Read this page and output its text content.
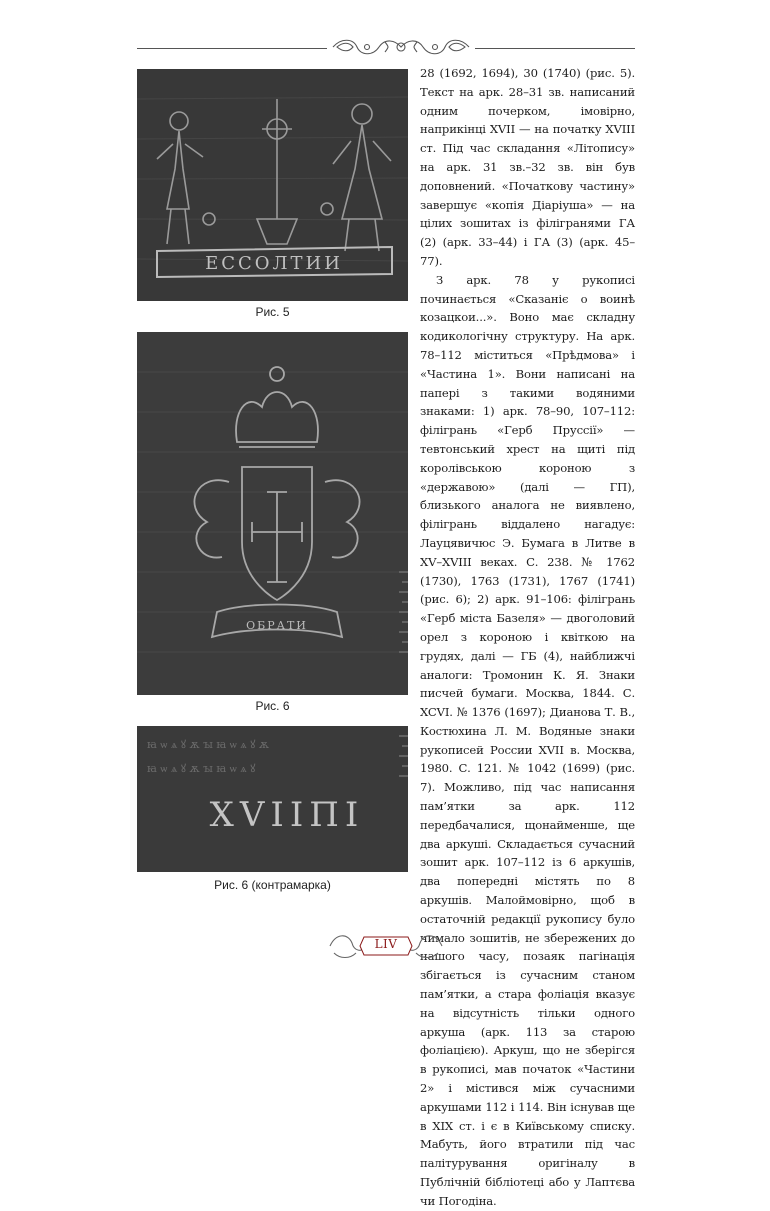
ЕССОЛТИИ
Рис. 5
ОБРАТИ
Рис. 6
ꙗ ѡ ѧ ꙋ ѫ ꙑ ꙗ ѡ ѧ ꙋ ѫ
ꙗ ѡ ѧ ꙋ ѫ ꙑ ꙗ ѡ ѧ ꙋ
XVIIПІ
Рис. 6 (контрамарка)

28 (1692, 1694), 30 (1740) (рис. 5). Текст на арк. 28–31 зв. написаний одним почерком, імовірно, наприкінці XVII — на початку XVIII ст. Під час складання «Літопису» на арк. 31 зв.–32 зв. він був доповнений. «Початкову частину» завершує «копія Діаріуша» — на цілих зошитах із філігранями ГА (2) (арк. 33–44) і ГА (3) (арк. 45–77).

З арк. 78 у рукописі починається «Сказаніє о воинѣ козацкои...». Воно має складну кодикологічну структуру. На арк. 78–112 міститься «Прѣдмова» і «Частина 1». Вони написані на папері з такими водяними знаками: 1) арк. 78–90, 107–112: філігрань «Герб Пруссії» — тевтонський хрест на щиті під королівською короною з «державою» (далі — ГП), близького аналога не виявлено, філігрань віддалено нагадує: Лауцявичюс Э. Бумага в Литве в XV–XVIII веках. С. 238. № 1762 (1730), 1763 (1731), 1767 (1741) (рис. 6); 2) арк. 91–106: філігрань «Герб міста Базеля» — двоголовий орел з короною і квіткою на грудях, далі — ГБ (4), найближчі аналоги: Тромонин К. Я. Знаки писчей бумаги. Москва, 1844. С. XCVI. № 1376 (1697); Дианова Т. В., Костюхина Л. М. Водяные знаки рукописей России XVII в. Москва, 1980. С. 121. № 1042 (1699) (рис. 7). Можливо, під час написання пам’ятки за арк. 112 передбачалися, щонайменше, ще два аркуші. Складається сучасний зошит арк. 107–112 із 6 аркушів, два попередні містять по 8 аркушів. Малоймовірно, щоб в остаточній редакції рукопису було чимало зошитів, не збережених до нашого часу, позаяк пагінація збігається із сучасним станом пам’ятки, а стара фоліація вказує на відсутність тільки одного аркуша (арк. 113 за старою фоліацією). Аркуш, що не зберігся в рукописі, мав початок «Частини 2» і містився між сучасними аркушами 112 і 114. Він існував ще в XIX ст. і є в Київському списку. Мабуть, його втратили під час палітурування оригіналу в Публічній бібліотеці або у Лаптєва чи Погодіна.

LIV
